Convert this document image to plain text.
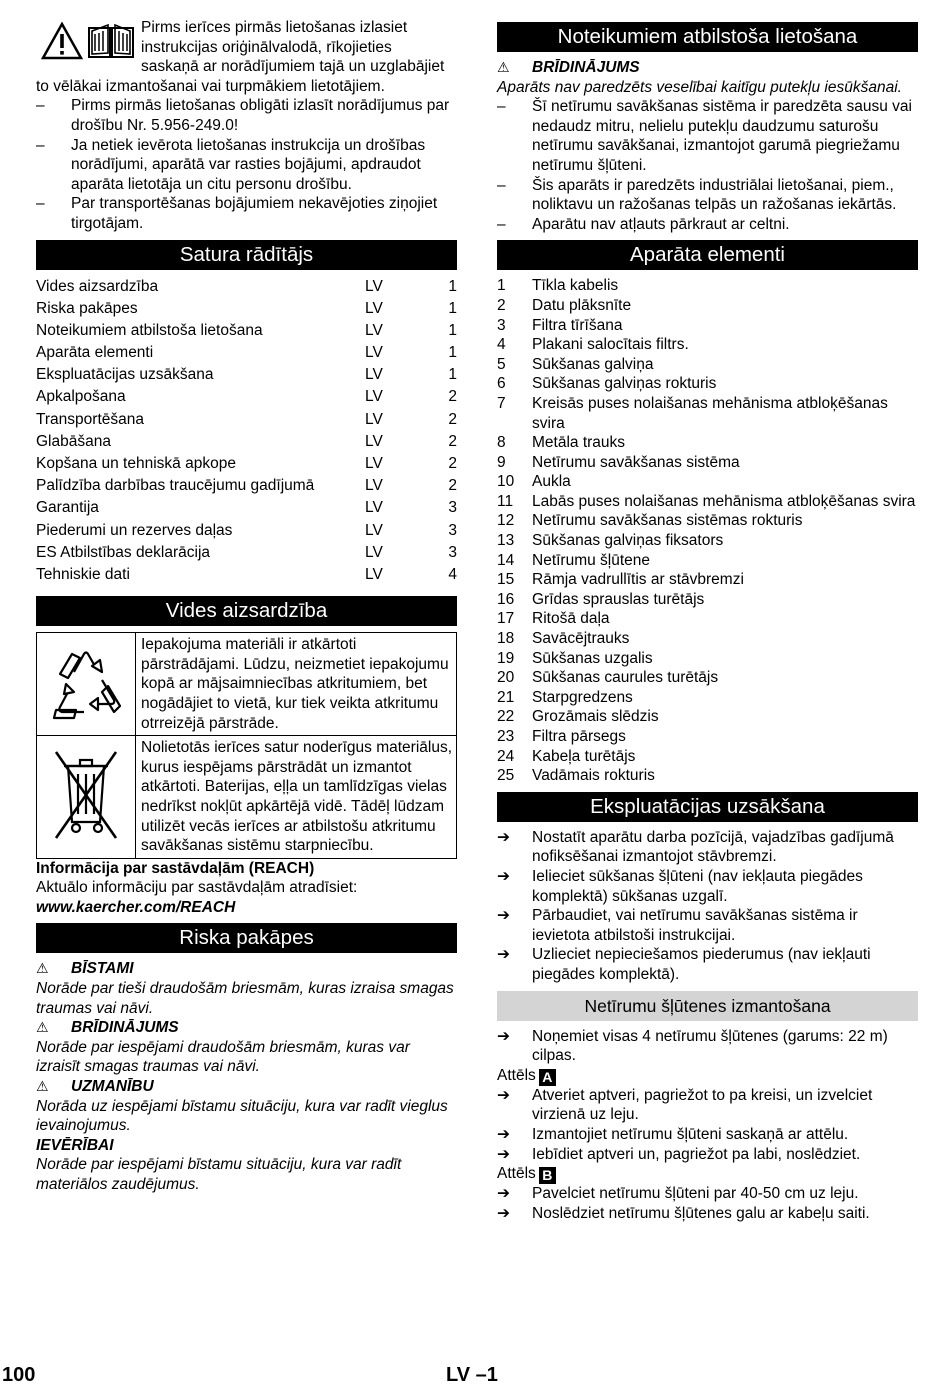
Pirms ierīces pirmās lietošanas izlasiet instrukcijas oriģinālvalodā, rīkojieties saskaņā ar norādījumiem tajā un uzglabājiet

to vēlākai izmantošanai vai turpmākiem lietotājiem.

–	Pirms pirmās lietošanas obligāti izlasīt norādījumus par drošību Nr. 5.956-249.0!
–	Ja netiek ievērota lietošanas instrukcija un drošības norādījumi, aparātā var rasties bojājumi, apdraudot aparāta lietotāja un citu personu drošību.
–	Par transportēšanas bojājumiem nekavējoties ziņojiet tirgotājam.
Satura rādītājs
Vides aizsardzība	LV	1
Riska pakāpes	LV	1
Noteikumiem atbilstoša lietošana	LV	1
Aparāta elementi	LV	1
Ekspluatācijas uzsākšana	LV	1
Apkalpošana	LV	2
Transportēšana	LV	2
Glabāšana	LV	2
Kopšana un tehniskā apkope	LV	2
Palīdzība darbības traucējumu gadījumā	LV	2
Garantija	LV	3
Piederumi un rezerves daļas	LV	3
ES Atbilstības deklarācija	LV	3
Tehniskie dati	LV	4
Vides aizsardzība
Iepakojuma materiāli ir atkārtoti pārstrādājami. Lūdzu, neizmetiet iepakojumu kopā ar mājsaimniecības atkritumiem, bet nogādājiet to vietā, kur tiek veikta atkritumu otrreizējā pārstrāde.
Nolietotās ierīces satur noderīgus materiālus, kurus iespējams pārstrādāt un izmantot atkārtoti. Baterijas, eļļa un tamlīdzīgas vielas nedrīkst nokļūt apkārtējā vidē. Tādēļ lūdzam utilizēt vecās ierīces ar atbilstošu atkritumu savākšanas sistēmu starpniecību.

Informācija par sastāvdaļām (REACH)

Aktuālo informāciju par sastāvdaļām atradīsiet:

www.kaercher.com/REACH

Riska pakāpes
⚠	BĪSTAMI

Norāde par tieši draudošām briesmām, kuras izraisa smagas traumas vai nāvi.

⚠	BRĪDINĀJUMS

Norāde par iespējami draudošām briesmām, kuras var izraisīt smagas traumas vai nāvi.

⚠	UZMANĪBU

Norāda uz iespējami bīstamu situāciju, kura var radīt vieglus ievainojumus.

IEVĒRĪBAI

Norāde par iespējami bīstamu situāciju, kura var radīt materiālos zaudējumus.

Noteikumiem atbilstoša lietošana
⚠	BRĪDINĀJUMS

Aparāts nav paredzēts veselībai kaitīgu putekļu iesūkšanai.

–	Šī netīrumu savākšanas sistēma ir paredzēta sausu vai nedaudz mitru, nelielu putekļu daudzumu saturošu netīrumu savākšanai, izmantojot garumā piegriežamu netīrumu šļūteni.
–	Šis aparāts ir paredzēts industriālai lietošanai, piem., noliktavu un ražošanas telpās un ražošanas iekārtās.
–	Aparātu nav atļauts pārkraut ar celtni.
Aparāta elementi
1	Tīkla kabelis
2	Datu plāksnīte
3	Filtra tīrīšana
4	Plakani salocītais filtrs.
5	Sūkšanas galviņa
6	Sūkšanas galviņas rokturis
7	Kreisās puses nolaišanas mehānisma atbloķēšanas svira
8	Metāla trauks
9	Netīrumu savākšanas sistēma
10	Aukla
11	Labās puses nolaišanas mehānisma atbloķēšanas svira
12	Netīrumu savākšanas sistēmas rokturis
13	Sūkšanas galviņas fiksators
14	Netīrumu šļūtene
15	Rāmja vadrullītis ar stāvbremzi
16	Grīdas sprauslas turētājs
17	Ritošā daļa
18	Savācējtrauks
19	Sūkšanas uzgalis
20	Sūkšanas caurules turētājs
21	Starpgredzens
22	Grozāmais slēdzis
23	Filtra pārsegs
24	Kabeļa turētājs
25	Vadāmais rokturis
Ekspluatācijas uzsākšana
➔	Nostatīt aparātu darba pozīcijā, vajadzības gadījumā nofiksēšanai izmantojot stāvbremzi.
➔	Ielieciet sūkšanas šļūteni (nav iekļauta piegādes komplektā) sūkšanas uzgalī.
➔	Pārbaudiet, vai netīrumu savākšanas sistēma ir ievietota atbilstoši instrukcijai.
➔	Uzlieciet nepieciešamos piederumus (nav iekļauti piegādes komplektā).
Netīrumu šļūtenes izmantošana
➔	Noņemiet visas 4 netīrumu šļūtenes (garums: 22 m) cilpas.

Attēls A

➔	Atveriet aptveri, pagriežot to pa kreisi, un izvelciet virzienā uz leju.
➔	Izmantojiet netīrumu šļūteni saskaņā ar attēlu.
➔	Iebīdiet aptveri un, pagriežot pa labi, noslēdziet.

Attēls B

➔	Pavelciet netīrumu šļūteni par 40-50 cm uz leju.
➔	Noslēdziet netīrumu šļūtenes galu ar kabeļu saiti.
100	LV –1
